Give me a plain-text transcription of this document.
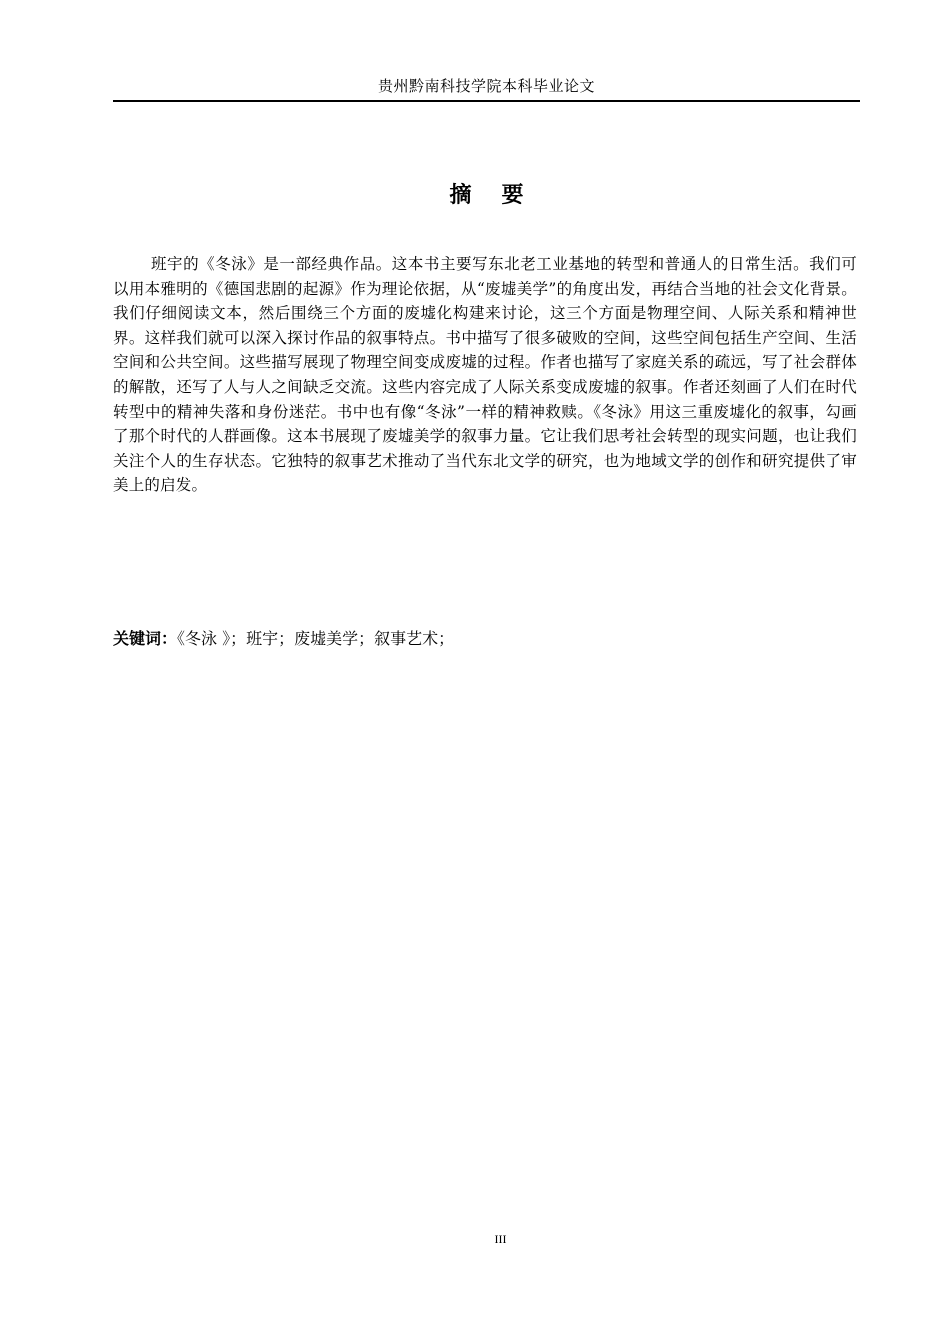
贵州黔南科技学院本科毕业论文
摘要

班宇的《冬泳》是一部经典作品。这本书主要写东北老工业基地的转型和普通人的日常生活。我们可以用本雅明的《德国悲剧的起源》作为理论依据，从“废墟美学”的角度出发，再结合当地的社会文化背景。我们仔细阅读文本，然后围绕三个方面的废墟化构建来讨论，这三个方面是物理空间、人际关系和精神世界。这样我们就可以深入探讨作品的叙事特点。书中描写了很多破败的空间，这些空间包括生产空间、生活空间和公共空间。这些描写展现了物理空间变成废墟的过程。作者也描写了家庭关系的疏远，写了社会群体的解散，还写了人与人之间缺乏交流。这些内容完成了人际关系变成废墟的叙事。作者还刻画了人们在时代转型中的精神失落和身份迷茫。书中也有像“冬泳”一样的精神救赎。《冬泳》用这三重废墟化的叙事，勾画了那个时代的人群画像。这本书展现了废墟美学的叙事力量。它让我们思考社会转型的现实问题，也让我们关注个人的生存状态。它独特的叙事艺术推动了当代东北文学的研究，也为地域文学的创作和研究提供了审美上的启发。

关键词：《冬泳 》；班宇；废墟美学；叙事艺术；
III
